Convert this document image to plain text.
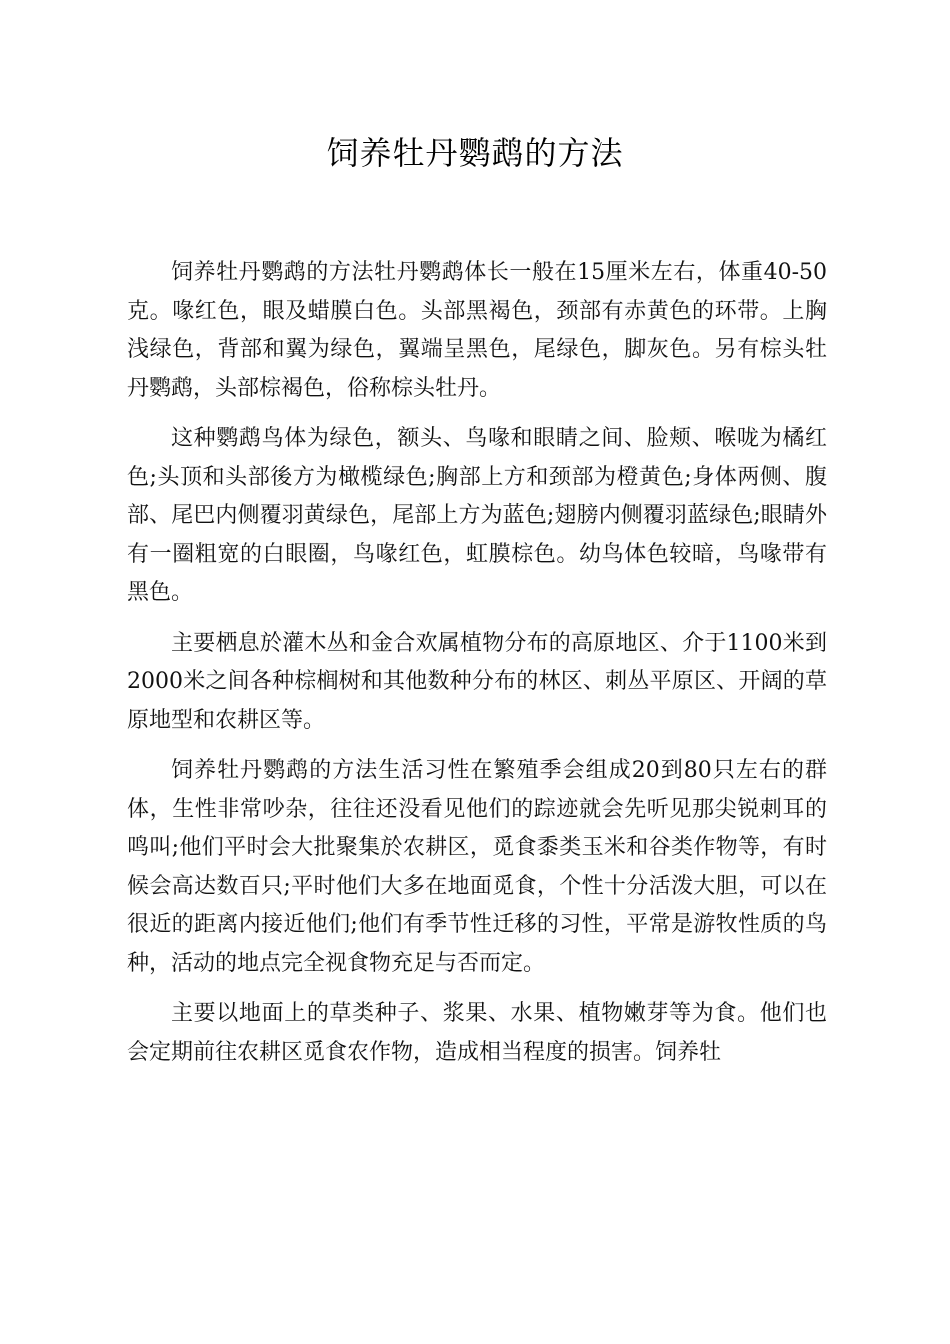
饲养牡丹鹦鹉的方法

饲养牡丹鹦鹉的方法牡丹鹦鹉体长一般在15厘米左右，体重40-50克。喙红色，眼及蜡膜白色。头部黑褐色，颈部有赤黄色的环带。上胸浅绿色，背部和翼为绿色，翼端呈黑色，尾绿色，脚灰色。另有棕头牡丹鹦鹉，头部棕褐色，俗称棕头牡丹。

这种鹦鹉鸟体为绿色，额头、鸟喙和眼睛之间、脸颊、喉咙为橘红色;头顶和头部後方为橄榄绿色;胸部上方和颈部为橙黄色;身体两侧、腹部、尾巴内侧覆羽黄绿色，尾部上方为蓝色;翅膀内侧覆羽蓝绿色;眼睛外有一圈粗宽的白眼圈，鸟喙红色，虹膜棕色。幼鸟体色较暗，鸟喙带有黑色。

主要栖息於灌木丛和金合欢属植物分布的高原地区、介于1100米到2000米之间各种棕榈树和其他数种分布的林区、刺丛平原区、开阔的草原地型和农耕区等。

饲养牡丹鹦鹉的方法生活习性在繁殖季会组成20到80只左右的群体，生性非常吵杂，往往还没看见他们的踪迹就会先听见那尖锐刺耳的鸣叫;他们平时会大批聚集於农耕区，觅食黍类玉米和谷类作物等，有时候会高达数百只;平时他们大多在地面觅食，个性十分活泼大胆，可以在很近的距离内接近他们;他们有季节性迁移的习性，平常是游牧性质的鸟种，活动的地点完全视食物充足与否而定。

主要以地面上的草类种子、浆果、水果、植物嫩芽等为食。他们也会定期前往农耕区觅食农作物，造成相当程度的损害。饲养牡
